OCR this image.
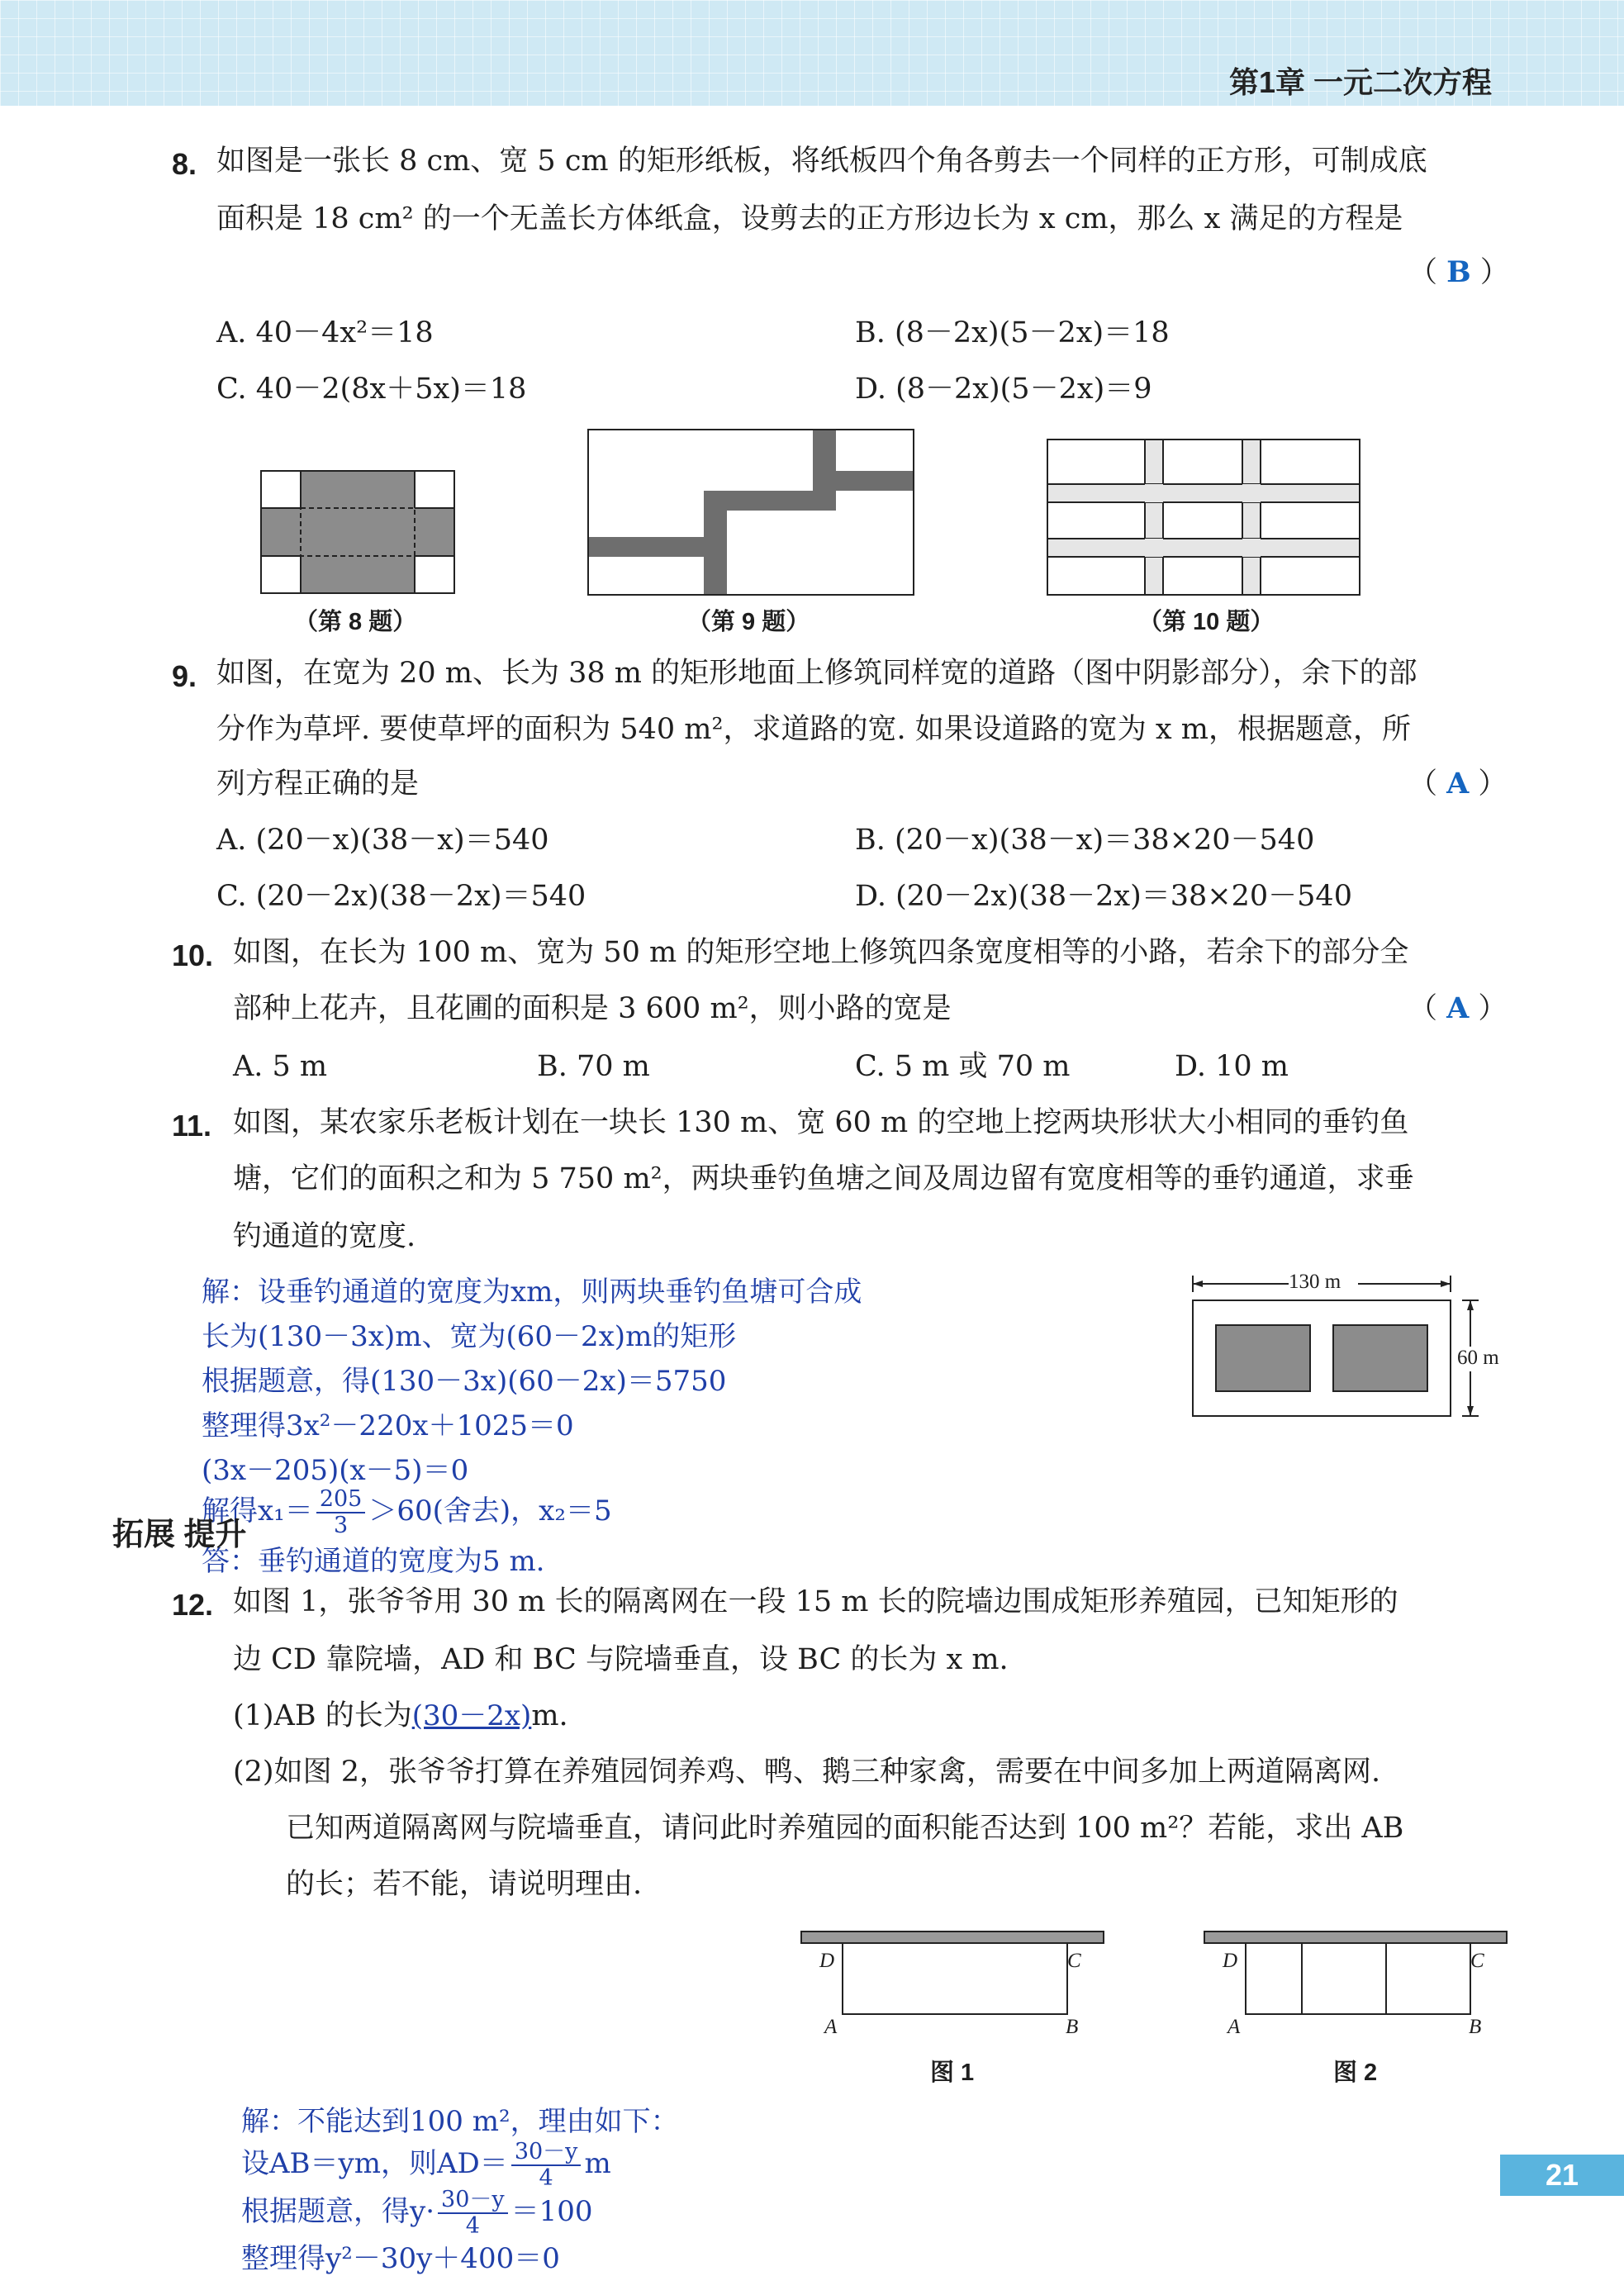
第1章 一元二次方程
8. 如图是一张长 8 cm、宽 5 cm 的矩形纸板，将纸板四个角各剪去一个同样的正方形，可制成底
面积是 18 cm² 的一个无盖长方体纸盒，设剪去的正方形边长为 x cm，那么 x 满足的方程是
（ B ）
A. 40－4x²＝18	B. (8－2x)(5－2x)＝18
C. 40－2(8x＋5x)＝18	D. (8－2x)(5－2x)＝9
（第 8 题）	（第 9 题）	（第 10 题）
9. 如图，在宽为 20 m、长为 38 m 的矩形地面上修筑同样宽的道路（图中阴影部分），余下的部
分作为草坪. 要使草坪的面积为 540 m²，求道路的宽. 如果设道路的宽为 x m，根据题意，所
列方程正确的是	（ A ）
A. (20－x)(38－x)＝540	B. (20－x)(38－x)＝38×20－540
C. (20－2x)(38－2x)＝540	D. (20－2x)(38－2x)＝38×20－540
10. 如图，在长为 100 m、宽为 50 m 的矩形空地上修筑四条宽度相等的小路，若余下的部分全
部种上花卉，且花圃的面积是 3 600 m²，则小路的宽是	（ A ）
A. 5 m	B. 70 m	C. 5 m 或 70 m	D. 10 m
11. 如图，某农家乐老板计划在一块长 130 m、宽 60 m 的空地上挖两块形状大小相同的垂钓鱼
塘，它们的面积之和为 5 750 m²，两块垂钓鱼塘之间及周边留有宽度相等的垂钓通道，求垂
钓通道的宽度.
130 m
60 m
解：设垂钓通道的宽度为xm，则两块垂钓鱼塘可合成
长为(130－3x)m、宽为(60－2x)m的矩形
根据题意，得(130－3x)(60－2x)＝5750
整理得3x²－220x＋1025＝0
(3x－205)(x－5)＝0
解得$x_1= \frac{205}{3} >60$(舍去)，x₂＝5
答：垂钓通道的宽度为5 m.
拓展 提升
12. 如图 1，张爷爷用 30 m 长的隔离网在一段 15 m 长的院墙边围成矩形养殖园，已知矩形的
边 CD 靠院墙，AD 和 BC 与院墙垂直，设 BC 的长为 x m.
(1)AB 的长为(30－2x)m.
(2)如图 2，张爷爷打算在养殖园饲养鸡、鸭、鹅三种家禽，需要在中间多加上两道隔离网.
已知两道隔离网与院墙垂直，请问此时养殖园的面积能否达到 100 m²？若能，求出 AB
的长；若不能，请说明理由.
D	C
A	B
图 1
D	C
A	B
图 2
解：不能达到100 m²，理由如下：
设AB＝ym，则$AD= \frac{30-y}{4}$ m
根据题意，得$y\cdot \frac{30-y}{4} =100$
整理得y²－30y＋400＝0
21
